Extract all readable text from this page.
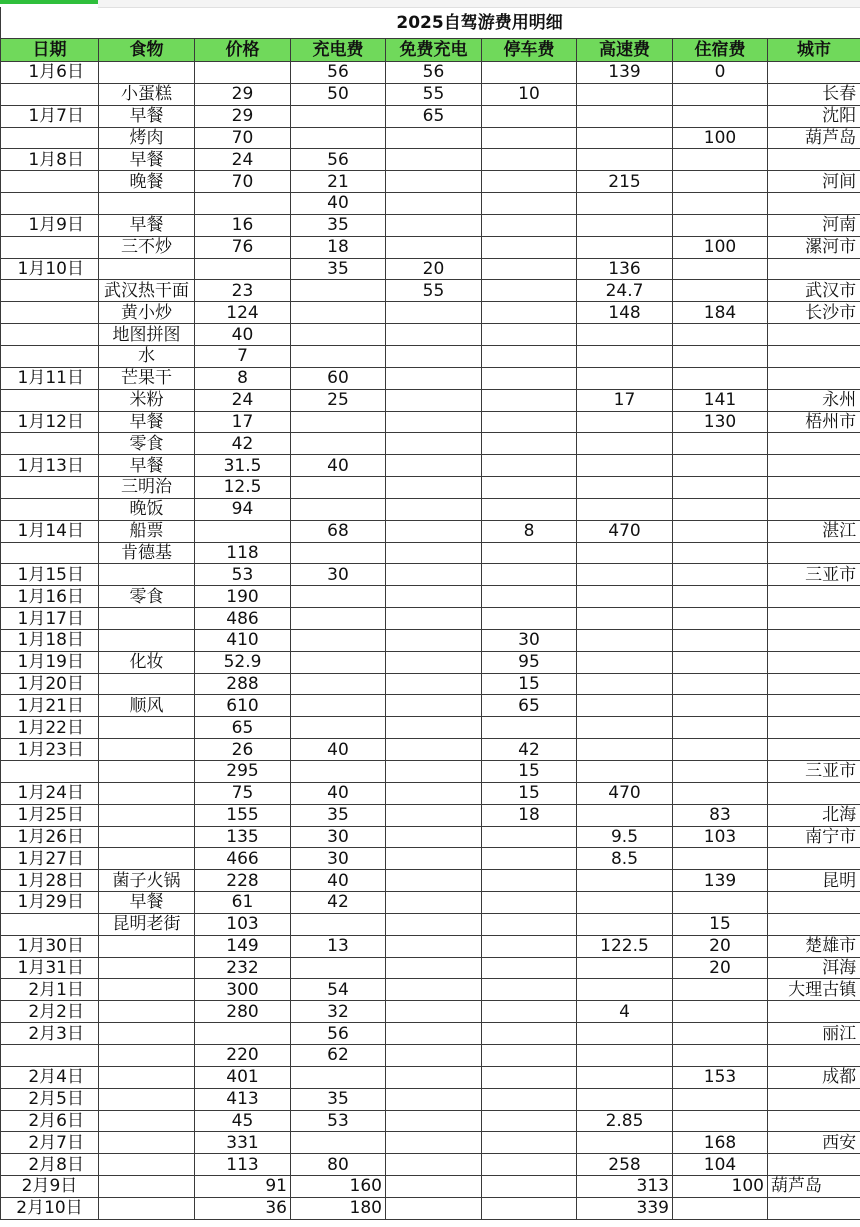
	2025自驾游费用明细							
日期	食物	价格	充电费	免费充电	停车费	高速费	住宿费	城市
1月6日			56	56		139	0	
	小蛋糕	29	50	55	10			长春
1月7日	早餐	29		65				沈阳
	烤肉	70					100	葫芦岛
1月8日	早餐	24	56					
	晚餐	70	21			215		河间
			40					
1月9日	早餐	16	35					河南
	三不炒	76	18				100	漯河市
1月10日			35	20		136		
	武汉热干面	23		55		24.7		武汉市
	黄小炒	124				148	184	长沙市
	地图拼图	40						
	水	7						
1月11日	芒果干	8	60					
	米粉	24	25			17	141	永州
1月12日	早餐	17					130	梧州市
	零食	42						
1月13日	早餐	31.5	40					
	三明治	12.5						
	晚饭	94						
1月14日	船票		68		8	470		湛江
	肯德基	118						
1月15日		53	30					三亚市
1月16日	零食	190						
1月17日		486						
1月18日		410			30			
1月19日	化妆	52.9			95			
1月20日		288			15			
1月21日	顺风	610			65			
1月22日		65						
1月23日		26	40		42			
		295			15			三亚市
1月24日		75	40		15	470		
1月25日		155	35		18		83	北海
1月26日		135	30			9.5	103	南宁市
1月27日		466	30			8.5		
1月28日	菌子火锅	228	40				139	昆明
1月29日	早餐	61	42					
	昆明老街	103					15	
1月30日		149	13			122.5	20	楚雄市
1月31日		232					20	洱海
2月1日		300	54					大理古镇
2月2日		280	32			4		
2月3日			56					丽江
		220	62					
2月4日		401					153	成都
2月5日		413	35					
2月6日		45	53			2.85		
2月7日		331					168	西安
2月8日		113	80			258	104	
2月9日		91	160			313	100	葫芦岛
2月10日		36	180			339		
